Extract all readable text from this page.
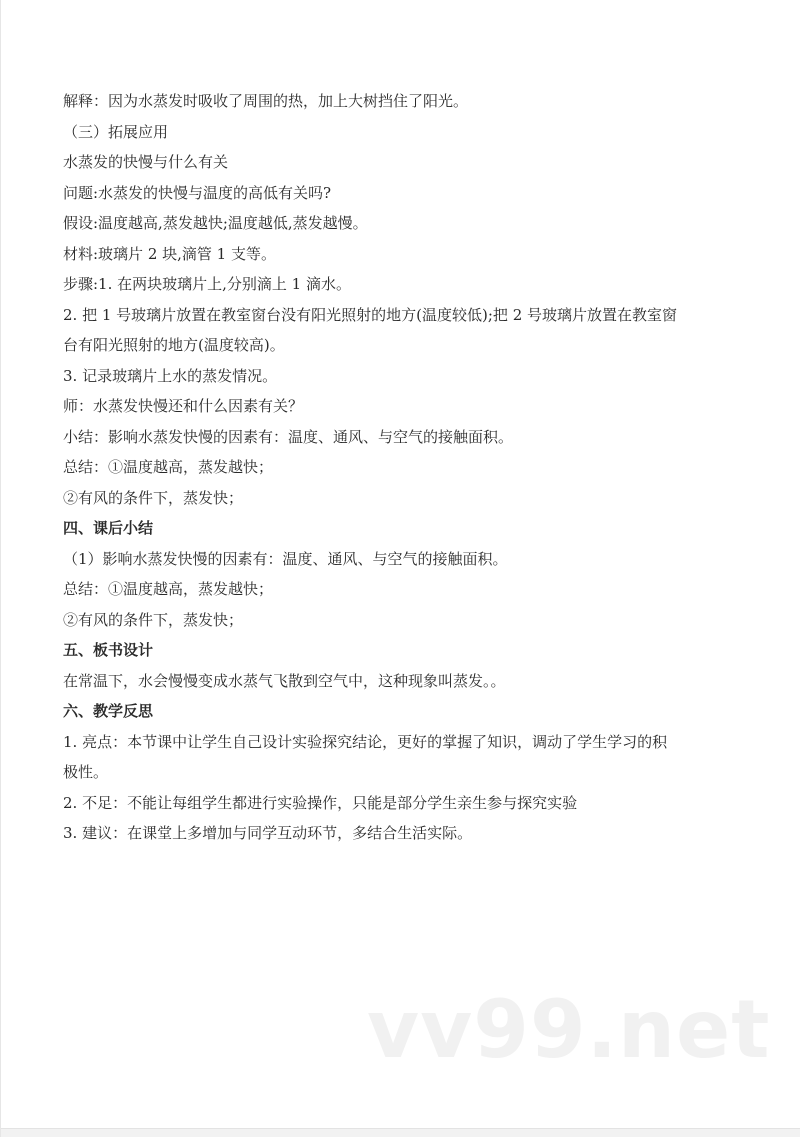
解释：因为水蒸发时吸收了周围的热，加上大树挡住了阳光。

（三）拓展应用

水蒸发的快慢与什么有关

问题:水蒸发的快慢与温度的高低有关吗?

假设:温度越高,蒸发越快;温度越低,蒸发越慢。

材料:玻璃片 2 块,滴管 1 支等。

步骤:1. 在两块玻璃片上,分别滴上 1 滴水。

2. 把 1 号玻璃片放置在教室窗台没有阳光照射的地方(温度较低);把 2 号玻璃片放置在教室窗

台有阳光照射的地方(温度较高)。

3. 记录玻璃片上水的蒸发情况。

师：水蒸发快慢还和什么因素有关？

小结：影响水蒸发快慢的因素有：温度、通风、与空气的接触面积。

总结：①温度越高，蒸发越快；

②有风的条件下，蒸发快；

四、课后小结

（1）影响水蒸发快慢的因素有：温度、通风、与空气的接触面积。

总结：①温度越高，蒸发越快；

②有风的条件下，蒸发快；

五、板书设计

在常温下，水会慢慢变成水蒸气飞散到空气中，这种现象叫蒸发。。

六、教学反思

1. 亮点：本节课中让学生自己设计实验探究结论，更好的掌握了知识，调动了学生学习的积

极性。

2. 不足：不能让每组学生都进行实验操作，只能是部分学生亲生参与探究实验

3. 建议：在课堂上多增加与同学互动环节，多结合生活实际。

vv99.net
